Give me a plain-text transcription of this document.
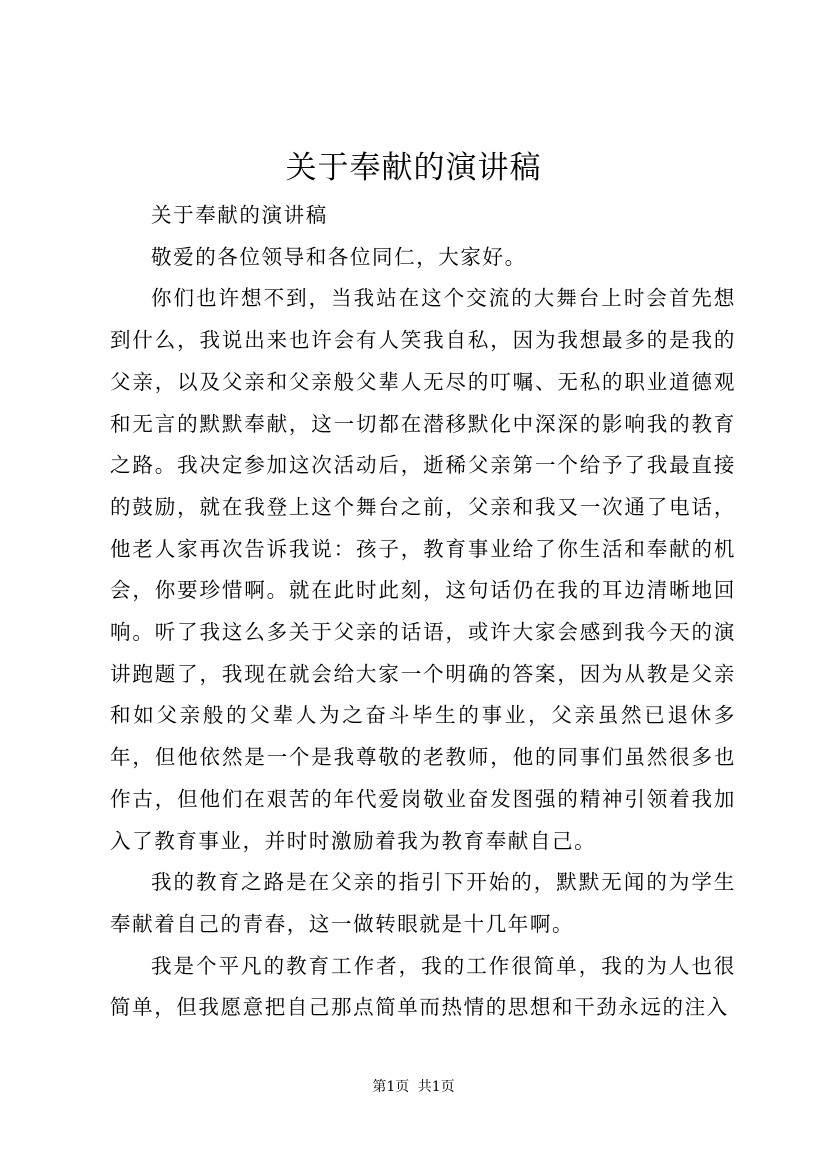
关于奉献的演讲稿

关于奉献的演讲稿

敬爱的各位领导和各位同仁，大家好。

你们也许想不到，当我站在这个交流的大舞台上时会首先想到什么，我说出来也许会有人笑我自私，因为我想最多的是我的父亲，以及父亲和父亲般父辈人无尽的叮嘱、无私的职业道德观和无言的默默奉献，这一切都在潜移默化中深深的影响我的教育之路。我决定参加这次活动后，逝稀父亲第一个给予了我最直接的鼓励，就在我登上这个舞台之前，父亲和我又一次通了电话，他老人家再次告诉我说：孩子，教育事业给了你生活和奉献的机会，你要珍惜啊。就在此时此刻，这句话仍在我的耳边清晰地回响。听了我这么多关于父亲的话语，或许大家会感到我今天的演讲跑题了，我现在就会给大家一个明确的答案，因为从教是父亲和如父亲般的父辈人为之奋斗毕生的事业，父亲虽然已退休多年，但他依然是一个是我尊敬的老教师，他的同事们虽然很多也作古，但他们在艰苦的年代爱岗敬业奋发图强的精神引领着我加入了教育事业，并时时激励着我为教育奉献自己。

我的教育之路是在父亲的指引下开始的，默默无闻的为学生奉献着自己的青春，这一做转眼就是十几年啊。

我是个平凡的教育工作者，我的工作很简单，我的为人也很简单，但我愿意把自己那点简单而热情的思想和干劲永远的注入

第1页 共1页
